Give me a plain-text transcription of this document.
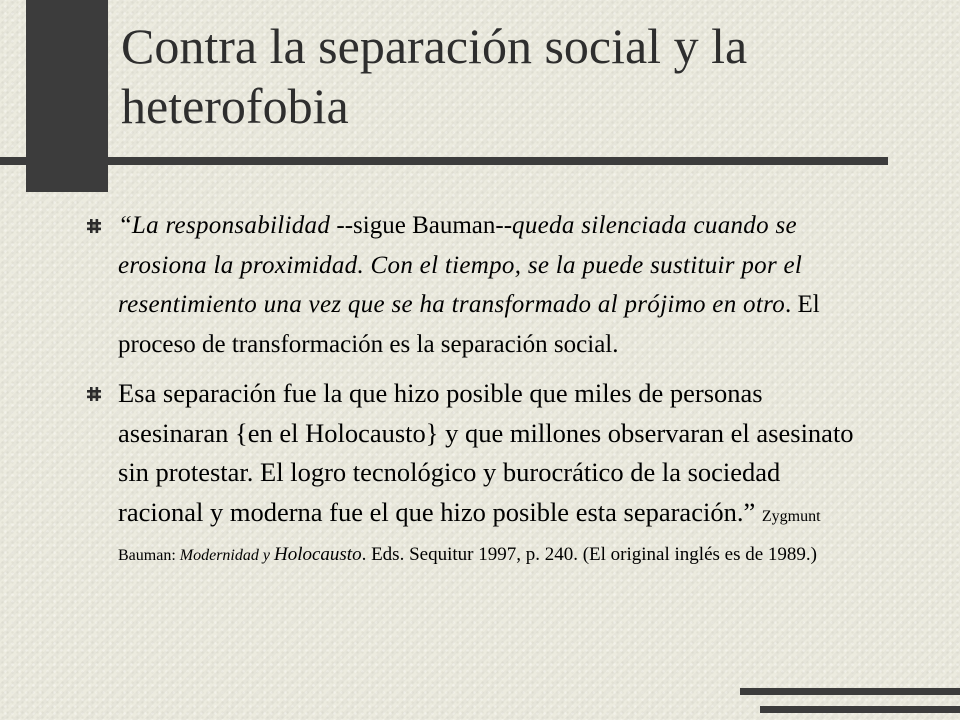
Contra la separación social y la heterofobia
“La responsabilidad --sigue Bauman--queda silenciada cuando se erosiona la proximidad. Con el tiempo, se la puede sustituir por el resentimiento una vez que se ha transformado al prójimo en otro. El proceso de transformación es la separación social.
Esa separación fue la que hizo posible que miles de personas asesinaran {en el Holocausto} y que millones observaran el asesinato sin protestar. El logro tecnológico y burocrático de la sociedad racional y moderna fue el que hizo posible esta separación.” Zygmunt Bauman: Modernidad y Holocausto. Eds. Sequitur 1997, p. 240. (El original inglés es de 1989.)
